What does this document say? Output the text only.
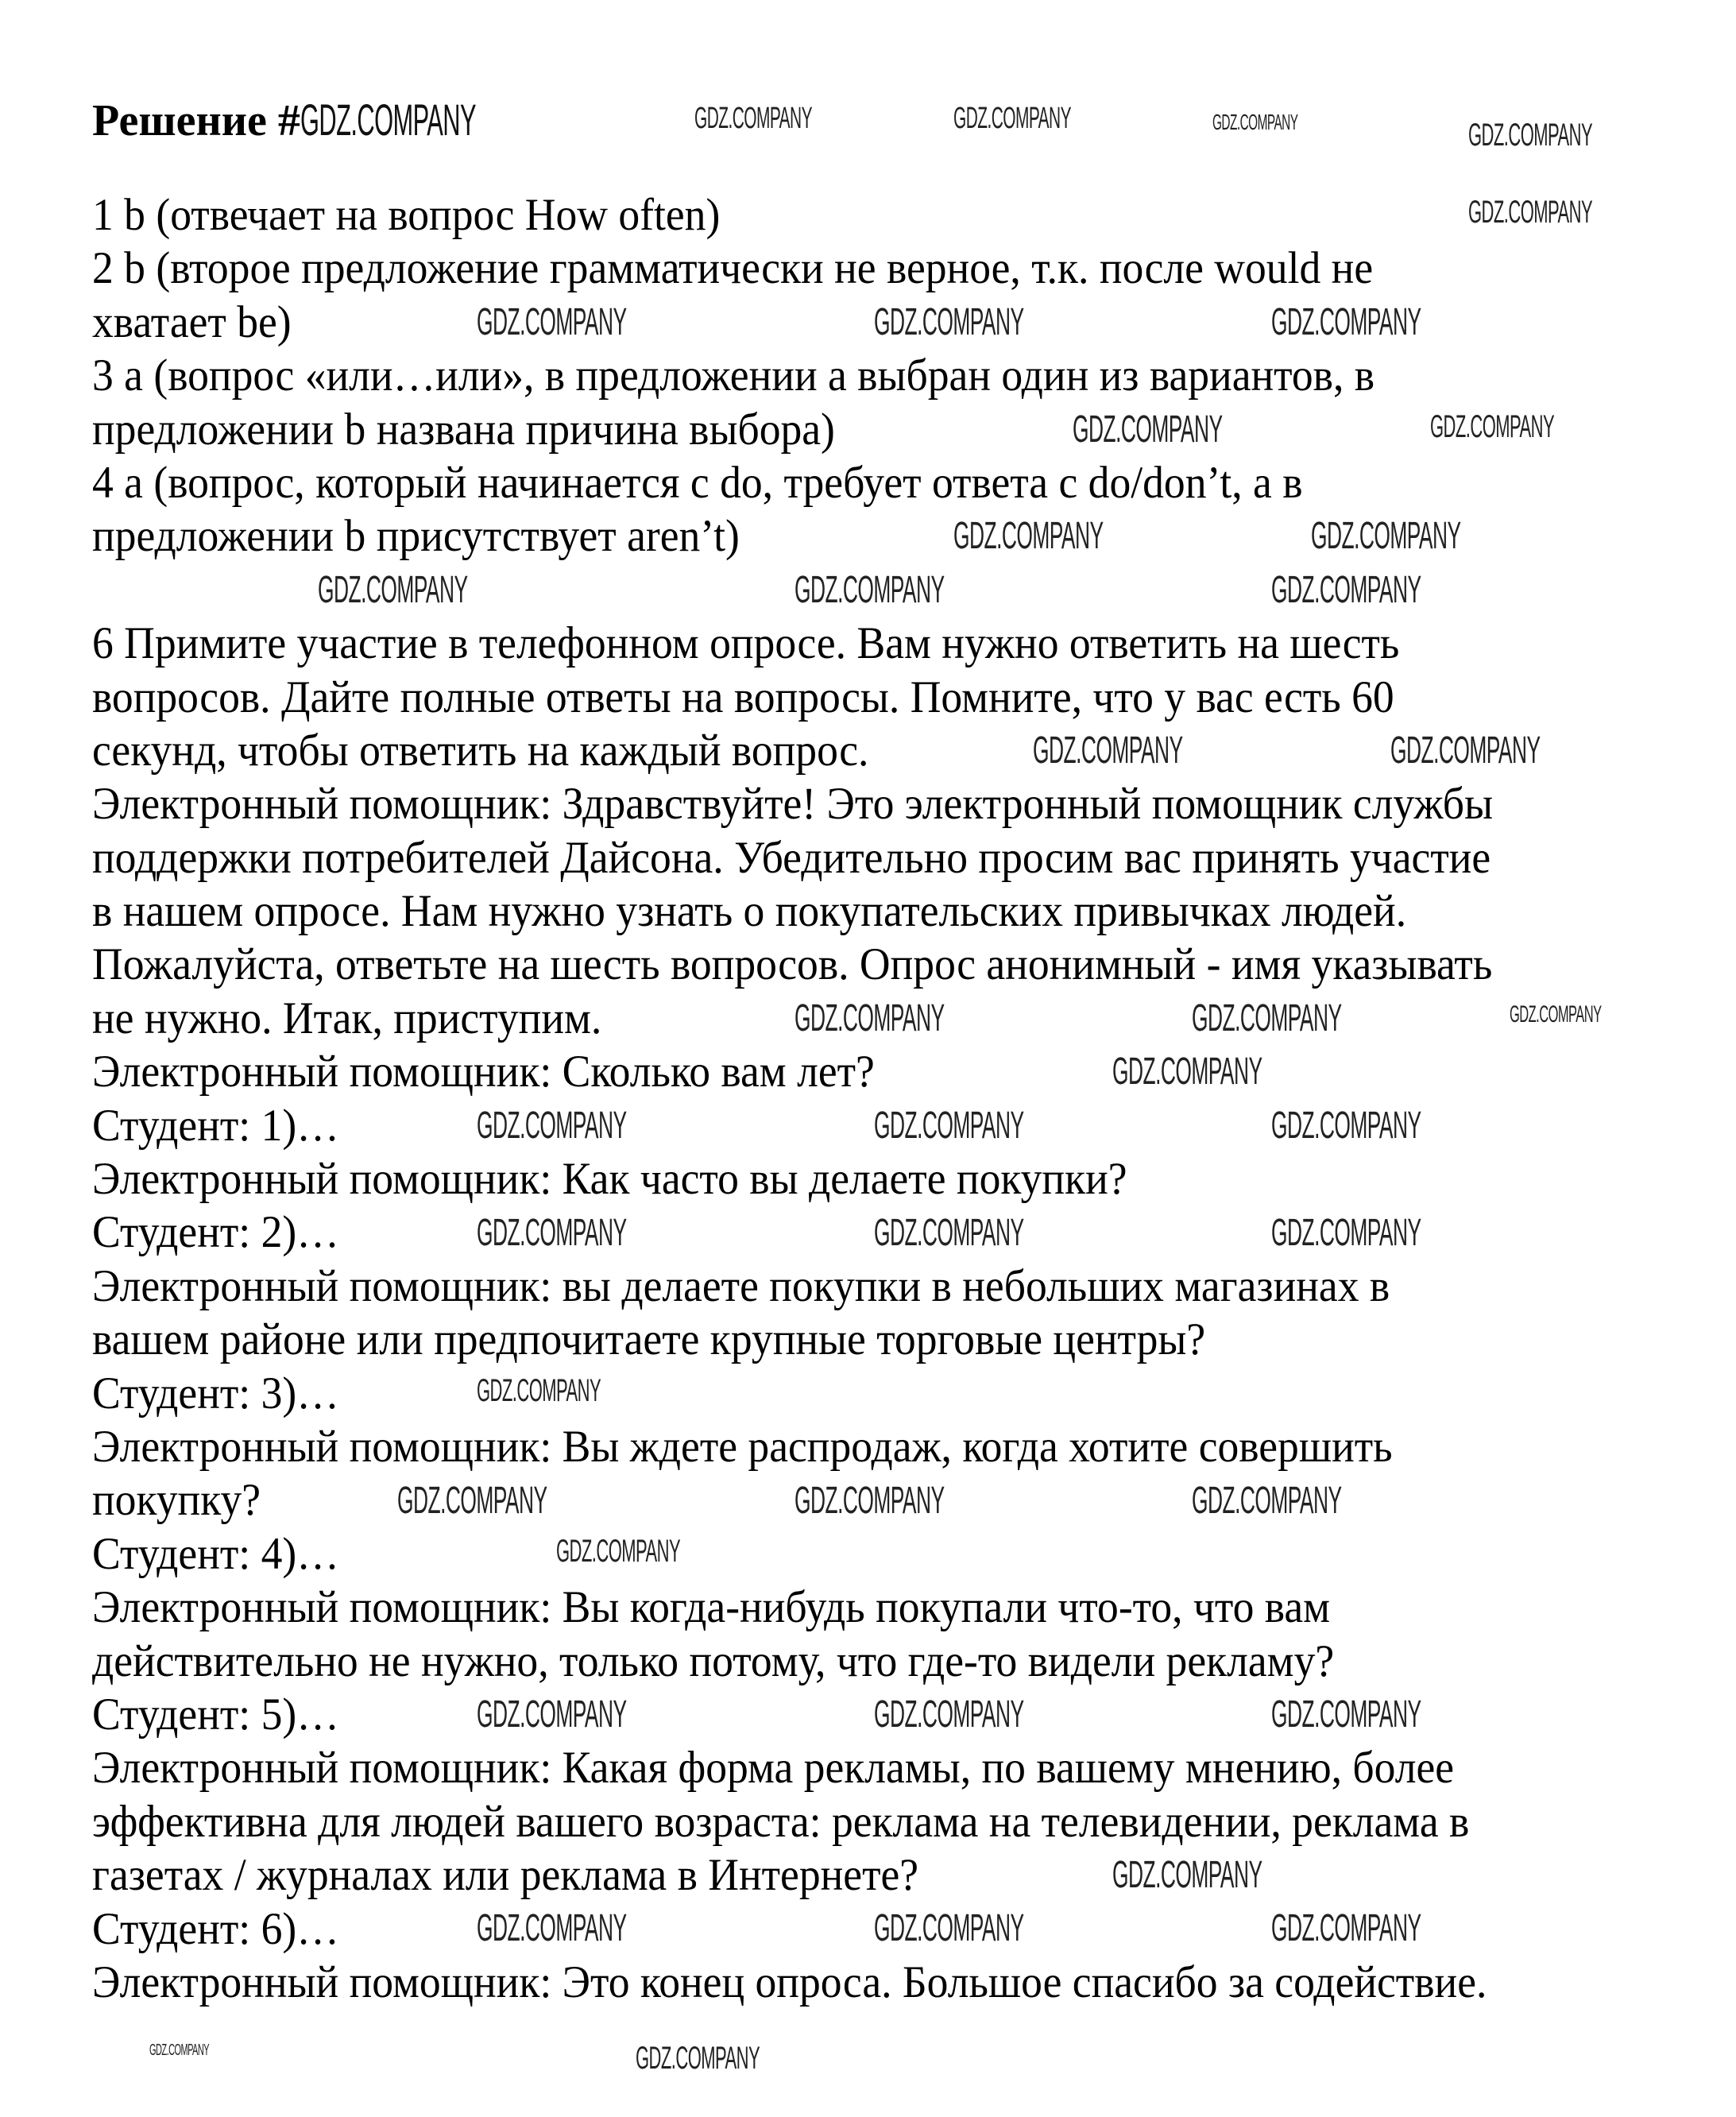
Решение #GDZ.COMPANY
1 b (отвечает на вопрос How often)
2 b (второе предложение грамматически не верное, т.к. после would не
хватает be)
3 a (вопрос «или…или», в предложении a выбран один из вариантов, в
предложении b названа причина выбора)
4 a (вопрос, который начинается с do, требует ответа с do/don’t, а в
предложении b присутствует aren’t)
6 Примите участие в телефонном опросе. Вам нужно ответить на шесть
вопросов. Дайте полные ответы на вопросы. Помните, что у вас есть 60
секунд, чтобы ответить на каждый вопрос.
Электронный помощник: Здравствуйте! Это электронный помощник службы
поддержки потребителей Дайсона. Убедительно просим вас принять участие
в нашем опросе. Нам нужно узнать о покупательских привычках людей.
Пожалуйста, ответьте на шесть вопросов. Опрос анонимный - имя указывать
не нужно. Итак, приступим.
Электронный помощник: Сколько вам лет?
Студент: 1)…
Электронный помощник: Как часто вы делаете покупки?
Студент: 2)…
Электронный помощник: вы делаете покупки в небольших магазинах в
вашем районе или предпочитаете крупные торговые центры?
Студент: 3)…
Электронный помощник: Вы ждете распродаж, когда хотите совершить
покупку?
Студент: 4)…
Электронный помощник: Вы когда-нибудь покупали что-то, что вам
действительно не нужно, только потому, что где-то видели рекламу?
Студент: 5)…
Электронный помощник: Какая форма рекламы, по вашему мнению, более
эффективна для людей вашего возраста: реклама на телевидении, реклама в
газетах / журналах или реклама в Интернете?
Студент: 6)…
Электронный помощник: Это конец опроса. Большое спасибо за содействие.
GDZ.COMPANY	GDZ.COMPANY	GDZ.COMPANY	GDZ.COMPANY
GDZ.COMPANY
GDZ.COMPANY	GDZ.COMPANY	GDZ.COMPANY
GDZ.COMPANY	GDZ.COMPANY
GDZ.COMPANY	GDZ.COMPANY
GDZ.COMPANY	GDZ.COMPANY	GDZ.COMPANY
GDZ.COMPANY	GDZ.COMPANY
GDZ.COMPANY	GDZ.COMPANY	GDZ.COMPANY
GDZ.COMPANY
GDZ.COMPANY	GDZ.COMPANY	GDZ.COMPANY
GDZ.COMPANY	GDZ.COMPANY	GDZ.COMPANY
GDZ.COMPANY
GDZ.COMPANY	GDZ.COMPANY	GDZ.COMPANY
GDZ.COMPANY
GDZ.COMPANY	GDZ.COMPANY	GDZ.COMPANY
GDZ.COMPANY
GDZ.COMPANY	GDZ.COMPANY	GDZ.COMPANY
GDZ.COMPANY	GDZ.COMPANY
